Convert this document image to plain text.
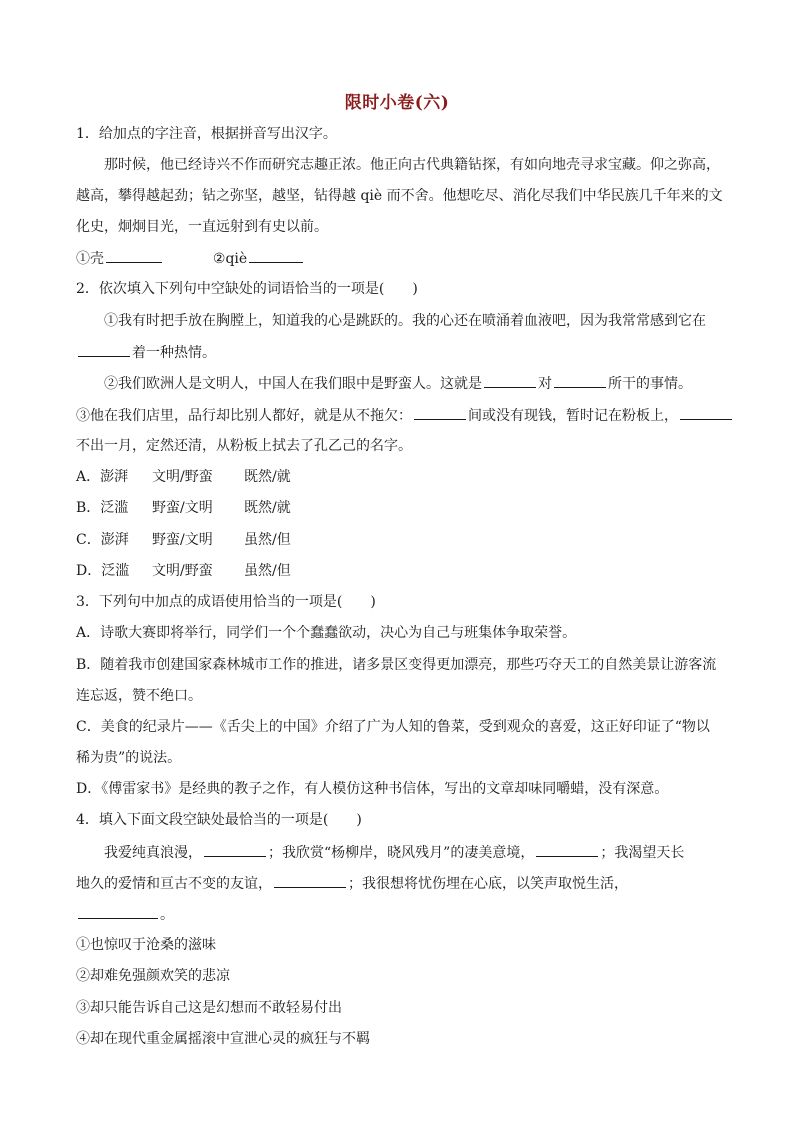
限时小卷(六)
1．给加点的字注音，根据拼音写出汉字。
那时候，他已经诗兴不作而研究志趣正浓。他正向古代典籍钻探，有如向地壳寻求宝藏。仰之弥高，
越高，攀得越起劲；钻之弥坚，越坚，钻得越 qiè 而不舍。他想吃尽、消化尽我们中华民族几千年来的文
化史，炯炯目光，一直远射到有史以前。
①壳	②qiè
2．依次填入下列句中空缺处的词语恰当的一项是(　　)
①我有时把手放在胸膛上，知道我的心是跳跃的。我的心还在喷涌着血液吧，因为我常常感到它在
着一种热情。
②我们欧洲人是文明人，中国人在我们眼中是野蛮人。这就是	对	所干的事情。
③他在我们店里，品行却比别人都好，就是从不拖欠：	间或没有现钱，暂时记在粉板上，
不出一月，定然还清，从粉板上拭去了孔乙己的名字。
A．澎湃 文明/野蛮 既然/就
B．泛滥 野蛮/文明 既然/就
C．澎湃 野蛮/文明 虽然/但
D．泛滥 文明/野蛮 虽然/但
3．下列句中加点的成语使用恰当的一项是(　　)
A．诗歌大赛即将举行，同学们一个个蠢蠢欲动，决心为自己与班集体争取荣誉。
B．随着我市创建国家森林城市工作的推进，诸多景区变得更加漂亮，那些巧夺天工的自然美景让游客流
连忘返，赞不绝口。
C．美食的纪录片——《舌尖上的中国》介绍了广为人知的鲁菜，受到观众的喜爱，这正好印证了“物以
稀为贵”的说法。
D．《傅雷家书》是经典的教子之作，有人模仿这种书信体，写出的文章却味同嚼蜡，没有深意。
4．填入下面文段空缺处最恰当的一项是(　　)
我爱纯真浪漫，	；我欣赏“杨柳岸，晓风残月”的凄美意境，	；我渴望天长
地久的爱情和亘古不变的友谊，	；我很想将忧伤埋在心底，以笑声取悦生活，
。
①也惊叹于沧桑的滋味
②却难免强颜欢笑的悲凉
③却只能告诉自己这是幻想而不敢轻易付出
④却在现代重金属摇滚中宣泄心灵的疯狂与不羁
